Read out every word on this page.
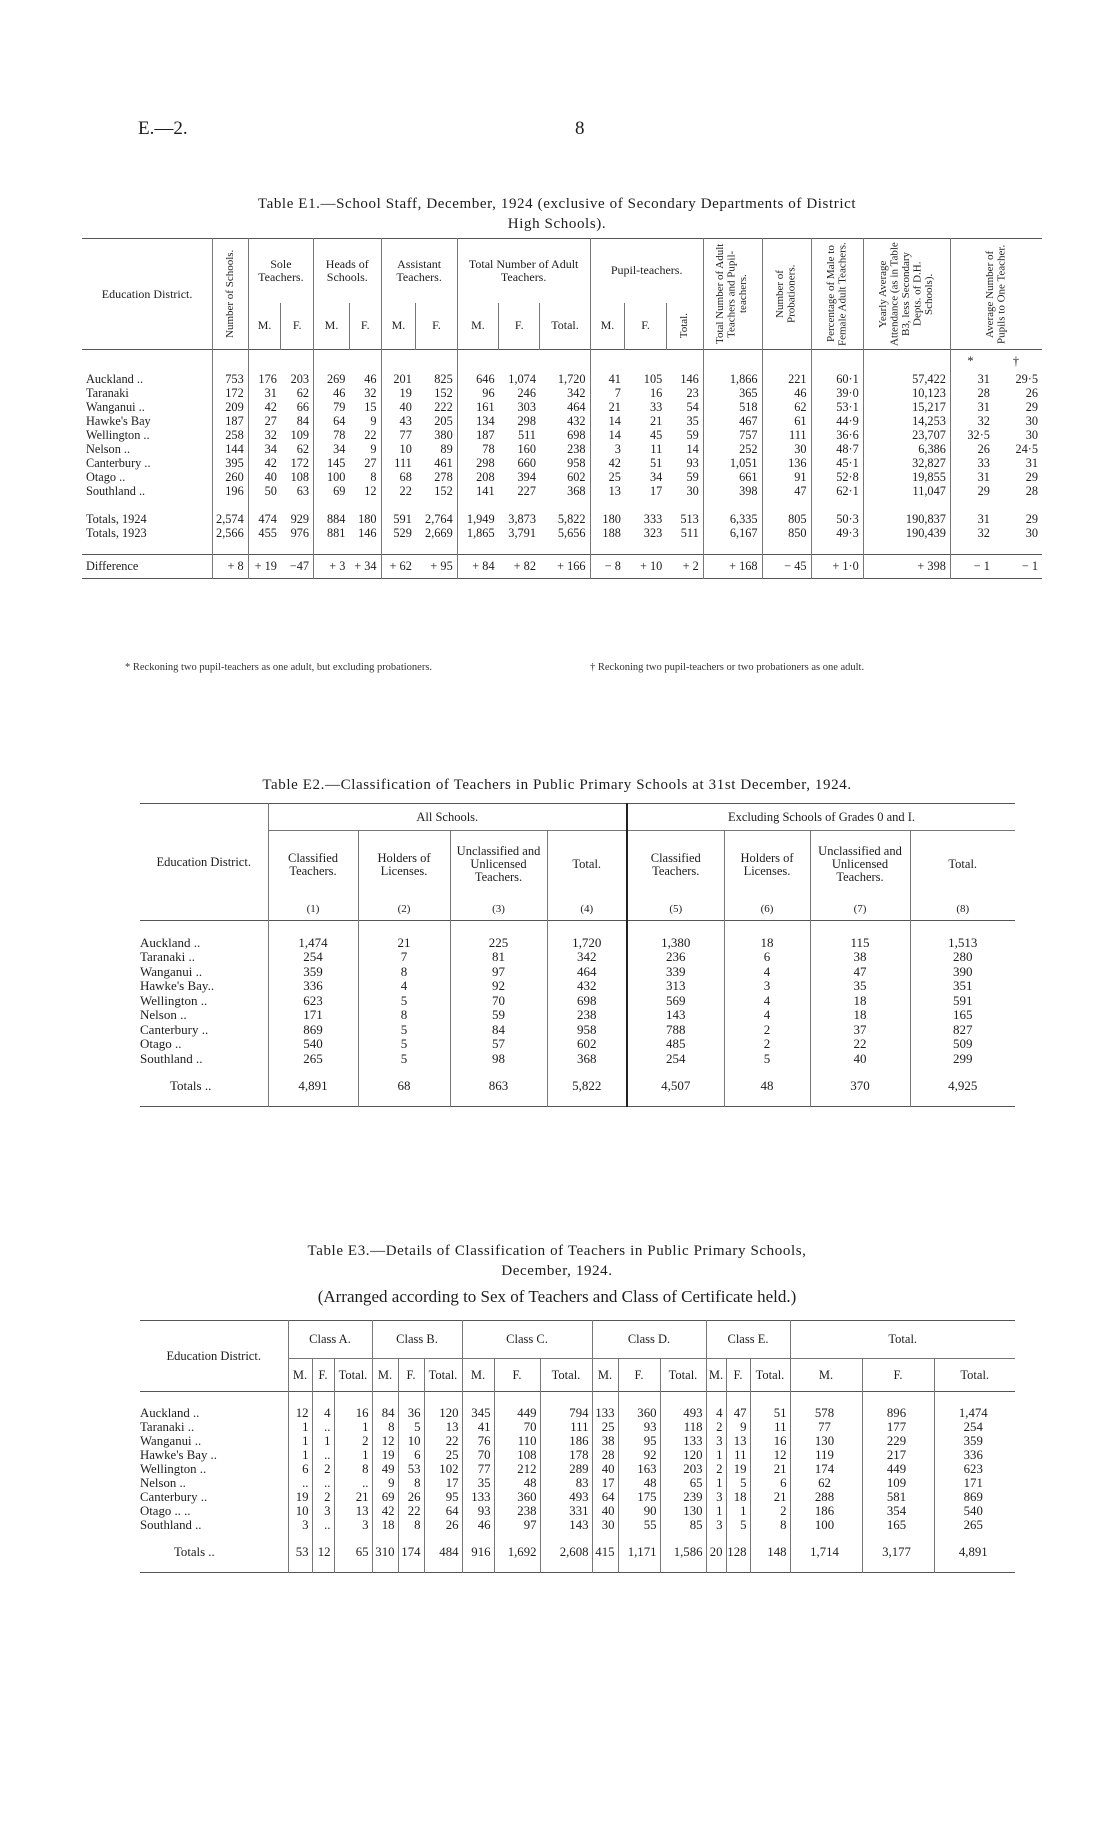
E.—2.	8
Table E1.—School Staff, December, 1924 (exclusive of Secondary Departments of District
High Schools).
Education District.	Number of Schools.	Sole Teachers.		Heads of Schools.		Assistant Teachers.		Total Number of Adult Teachers.			Pupil-teachers.			Total Number of Adult Teachers and Pupil-teachers.	Number of Probationers.	Percentage of Male to Female Adult Teachers.	Yearly Average Attendance (as in Table B3, less Secondary Depts. of D.H. Schools).	Average Number of Pupils to One Teacher.	

		M.	F.	M.	F.	M.	F.	M.	F.	Total.	M.	F.	Total.						

																		*	†
Auckland ..	753	176	203	269	46	201	825	646	1,074	1,720	41	105	146	1,866	221	60·1	57,422	31	29·5
Taranaki	172	31	62	46	32	19	152	96	246	342	7	16	23	365	46	39·0	10,123	28	26
Wanganui ..	209	42	66	79	15	40	222	161	303	464	21	33	54	518	62	53·1	15,217	31	29
Hawke's Bay	187	27	84	64	9	43	205	134	298	432	14	21	35	467	61	44·9	14,253	32	30
Wellington ..	258	32	109	78	22	77	380	187	511	698	14	45	59	757	111	36·6	23,707	32·5	30
Nelson ..	144	34	62	34	9	10	89	78	160	238	3	11	14	252	30	48·7	6,386	26	24·5
Canterbury ..	395	42	172	145	27	111	461	298	660	958	42	51	93	1,051	136	45·1	32,827	33	31
Otago ..	260	40	108	100	8	68	278	208	394	602	25	34	59	661	91	52·8	19,855	31	29
Southland ..	196	50	63	69	12	22	152	141	227	368	13	17	30	398	47	62·1	11,047	29	28

Totals, 1924	2,574	474	929	884	180	591	2,764	1,949	3,873	5,822	180	333	513	6,335	805	50·3	190,837	31	29
Totals, 1923	2,566	455	976	881	146	529	2,669	1,865	3,791	5,656	188	323	511	6,167	850	49·3	190,439	32	30

Difference	+ 8	+ 19	−47	+ 3	+ 34	+ 62	+ 95	+ 84	+ 82	+ 166	− 8	+ 10	+ 2	+ 168	− 45	+ 1·0	+ 398	− 1	− 1
* Reckoning two pupil-teachers as one adult, but excluding probationers.	† Reckoning two pupil-teachers or two probationers as one adult.
Table E2.—Classification of Teachers in Public Primary Schools at 31st December, 1924.
Education District.	All Schools.				Excluding Schools of Grades 0 and I.			
	Classified Teachers.	Holders of Licenses.	Unclassified and Unlicensed Teachers.	Total.	Classified Teachers.	Holders of Licenses.	Unclassified and Unlicensed Teachers.	Total.
	(1)	(2)	(3)	(4)	(5)	(6)	(7)	(8)

Auckland ..	1,474	21	225	1,720	1,380	18	115	1,513
Taranaki ..	254	7	81	342	236	6	38	280
Wanganui ..	359	8	97	464	339	4	47	390
Hawke's Bay..	336	4	92	432	313	3	35	351
Wellington ..	623	5	70	698	569	4	18	591
Nelson ..	171	8	59	238	143	4	18	165
Canterbury ..	869	5	84	958	788	2	37	827
Otago ..	540	5	57	602	485	2	22	509
Southland ..	265	5	98	368	254	5	40	299
Totals ..	4,891	68	863	5,822	4,507	48	370	4,925
Table E3.—Details of Classification of Teachers in Public Primary Schools,
December, 1924.
(Arranged according to Sex of Teachers and Class of Certificate held.)
Education District.	Class A.			Class B.			Class C.			Class D.			Class E.			Total.		
	M.	F.	Total.	M.	F.	Total.	M.	F.	Total.	M.	F.	Total.	M.	F.	Total.	M.	F.	Total.

Auckland ..	12	4	16	84	36	120	345	449	794	133	360	493	4	47	51	578	896	1,474
Taranaki ..	1	..	1	8	5	13	41	70	111	25	93	118	2	9	11	77	177	254
Wanganui ..	1	1	2	12	10	22	76	110	186	38	95	133	3	13	16	130	229	359
Hawke's Bay ..	1	..	1	19	6	25	70	108	178	28	92	120	1	11	12	119	217	336
Wellington ..	6	2	8	49	53	102	77	212	289	40	163	203	2	19	21	174	449	623
Nelson ..	..	..	..	9	8	17	35	48	83	17	48	65	1	5	6	62	109	171
Canterbury ..	19	2	21	69	26	95	133	360	493	64	175	239	3	18	21	288	581	869
Otago .. ..	10	3	13	42	22	64	93	238	331	40	90	130	1	1	2	186	354	540
Southland ..	3	..	3	18	8	26	46	97	143	30	55	85	3	5	8	100	165	265
Totals ..	53	12	65	310	174	484	916	1,692	2,608	415	1,171	1,586	20	128	148	1,714	3,177	4,891
